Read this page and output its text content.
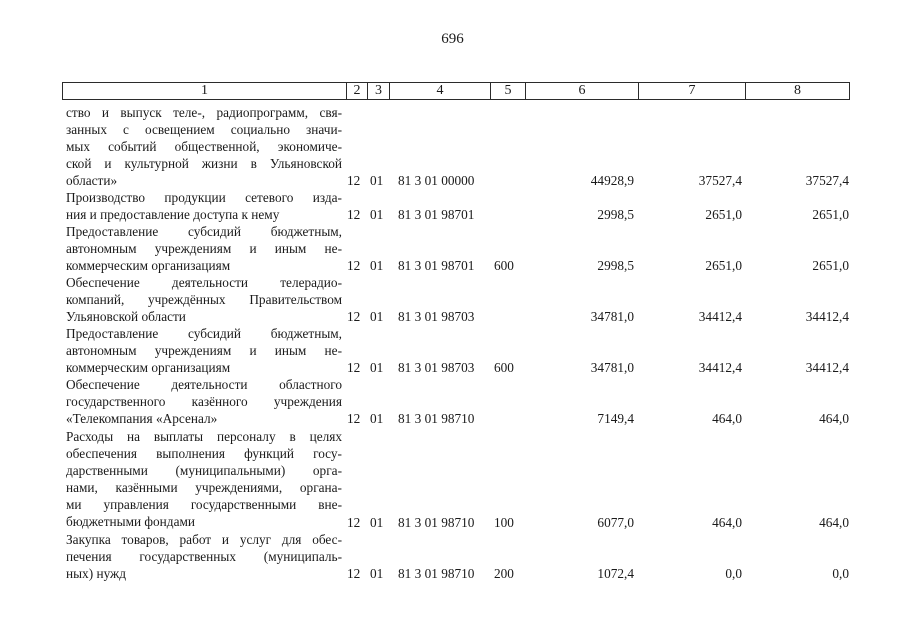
696
1	2	3	4	5	6	7	8
ство и выпуск теле-, радиопрограмм, свя-
занных с освещением социально значи-
мых событий общественной, экономиче-
ской и культурной жизни в Ульяновской
области»	12 01 81 3 01 00000	44928,9	37527,4	37527,4
Производство продукции сетевого изда-
ния и предоставление доступа к нему	12 01 81 3 01 98701	2998,5	2651,0	2651,0
Предоставление субсидий бюджетным,
автономным учреждениям и иным не-
коммерческим организациям	12 01 81 3 01 98701 600	2998,5	2651,0	2651,0
Обеспечение деятельности телерадио-
компаний, учреждённых Правительством
Ульяновской области	12 01 81 3 01 98703	34781,0	34412,4	34412,4
Предоставление субсидий бюджетным,
автономным учреждениям и иным не-
коммерческим организациям	12 01 81 3 01 98703 600	34781,0	34412,4	34412,4
Обеспечение деятельности областного
государственного казённого учреждения
«Телекомпания «Арсенал»	12 01 81 3 01 98710	7149,4	464,0	464,0
Расходы на выплаты персоналу в целях
обеспечения выполнения функций госу-
дарственными (муниципальными) орга-
нами, казёнными учреждениями, органа-
ми управления государственными вне-
бюджетными фондами	12 01 81 3 01 98710 100	6077,0	464,0	464,0
Закупка товаров, работ и услуг для обес-
печения государственных (муниципаль-
ных) нужд	12 01 81 3 01 98710 200	1072,4	0,0	0,0
